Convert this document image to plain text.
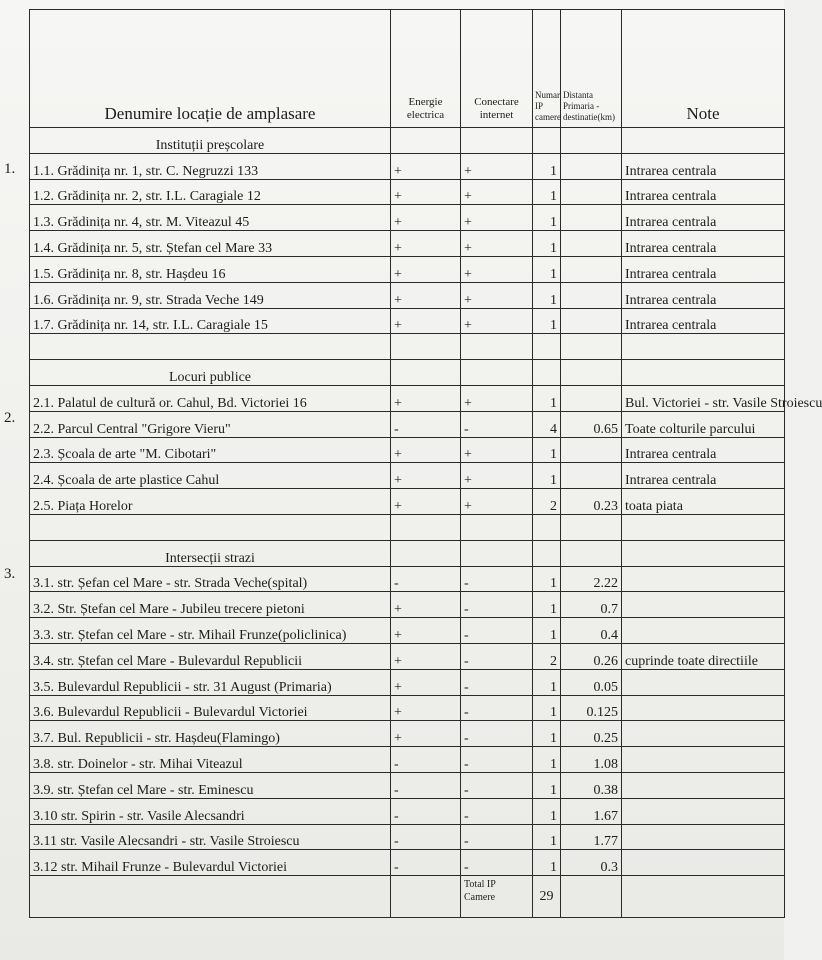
1.
2.
3.
Denumire locație de amplasare	Energie electrica	Conectare internet	Numar IP camere	Distanta Primaria - destinatie(km)	Note
Instituții preșcolare					
1.1. Grădinița nr. 1, str. C. Negruzzi 133	+	+	1		Intrarea centrala
1.2. Grădinița nr. 2, str. I.L. Caragiale 12	+	+	1		Intrarea centrala
1.3. Grădinița nr. 4, str. M. Viteazul 45	+	+	1		Intrarea centrala
1.4. Grădinița nr. 5, str. Ștefan cel Mare 33	+	+	1		Intrarea centrala
1.5. Grădinița nr. 8, str. Hașdeu 16	+	+	1		Intrarea centrala
1.6. Grădinița nr. 9, str. Strada Veche 149	+	+	1		Intrarea centrala
1.7. Grădinița nr. 14, str. I.L. Caragiale 15	+	+	1		Intrarea centrala

Locuri publice					
2.1. Palatul de cultură or. Cahul, Bd. Victoriei 16	+	+	1		Bul. Victoriei - str. Vasile Stroiescu
2.2. Parcul Central "Grigore Vieru"	-	-	4	0.65	Toate colturile parcului
2.3. Școala de arte "M. Cibotari"	+	+	1		Intrarea centrala
2.4. Școala de arte plastice Cahul	+	+	1		Intrarea centrala
2.5. Piața Horelor	+	+	2	0.23	toata piata

Intersecții strazi					
3.1. str. Șefan cel Mare - str. Strada Veche(spital)	-	-	1	2.22	
3.2. Str. Ștefan cel Mare - Jubileu trecere pietoni	+	-	1	0.7	
3.3. str. Ștefan cel Mare - str. Mihail Frunze(policlinica)	+	-	1	0.4	
3.4. str. Ștefan cel Mare - Bulevardul Republicii	+	-	2	0.26	cuprinde toate directiile
3.5. Bulevardul Republicii - str. 31 August (Primaria)	+	-	1	0.05	
3.6. Bulevardul Republicii - Bulevardul Victoriei	+	-	1	0.125	
3.7. Bul. Republicii - str. Hașdeu(Flamingo)	+	-	1	0.25	
3.8. str. Doinelor - str. Mihai Viteazul	-	-	1	1.08	
3.9. str. Ștefan cel Mare - str. Eminescu	-	-	1	0.38	
3.10 str. Spirin - str. Vasile Alecsandri	-	-	1	1.67	
3.11 str. Vasile Alecsandri - str. Vasile Stroiescu	-	-	1	1.77	
3.12 str. Mihail Frunze - Bulevardul Victoriei	-	-	1	0.3	
		Total IP Camere	29		
